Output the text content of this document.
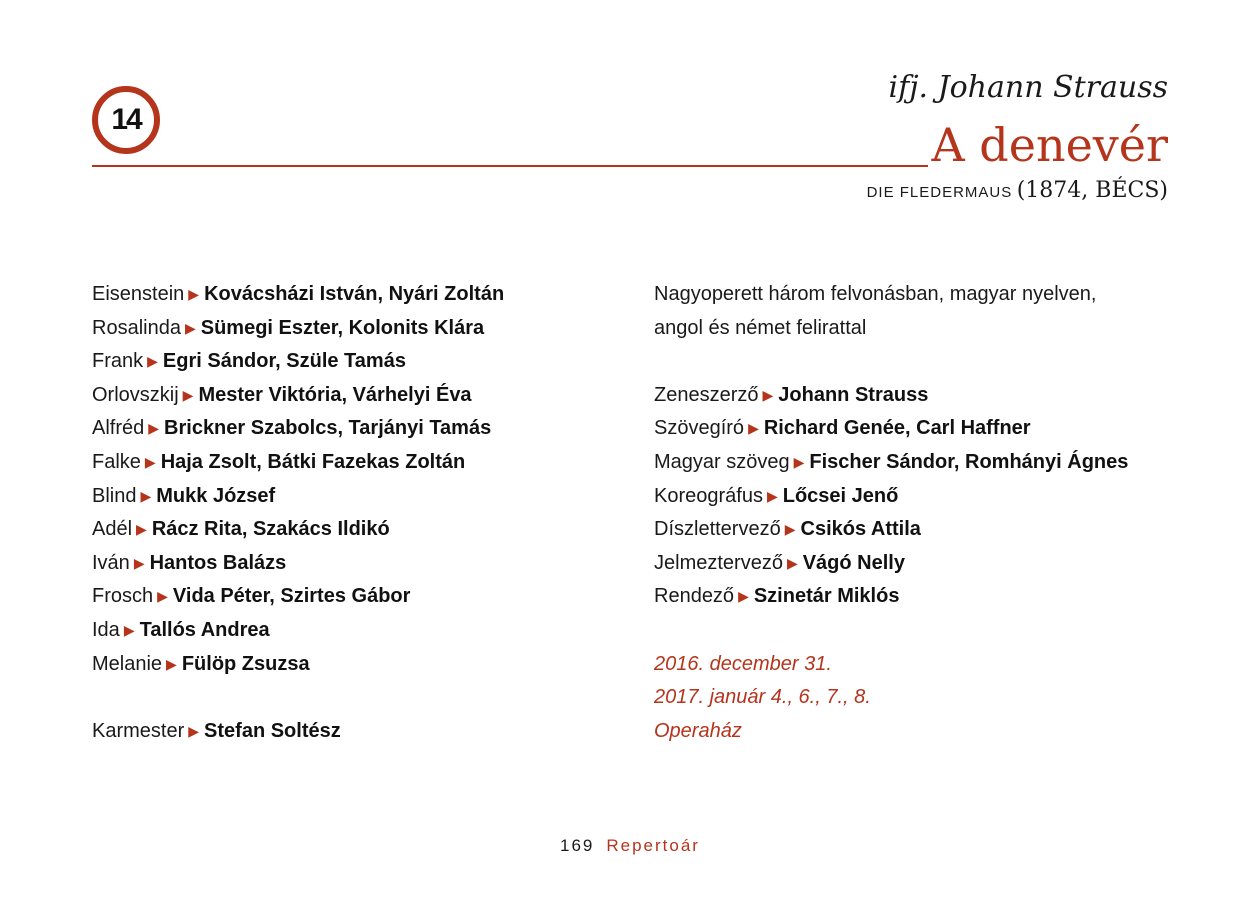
14
ifj. Johann Strauss
A denevér
DIE FLEDERMAUS (1874, BÉCS)
Eisenstein ▶ Kovácsházi István, Nyári Zoltán
Rosalinda ▶ Sümegi Eszter, Kolonits Klára
Frank ▶ Egri Sándor, Szüle Tamás
Orlovszkij ▶ Mester Viktória, Várhelyi Éva
Alfréd ▶ Brickner Szabolcs, Tarjányi Tamás
Falke ▶ Haja Zsolt, Bátki Fazekas Zoltán
Blind ▶ Mukk József
Adél ▶ Rácz Rita, Szakács Ildikó
Iván ▶ Hantos Balázs
Frosch ▶ Vida Péter, Szirtes Gábor
Ida ▶ Tallós Andrea
Melanie ▶ Fülöp Zsuzsa
Karmester ▶ Stefan Soltész
Nagyoperett három felvonásban, magyar nyelven,
angol és német felirattal
Zeneszerző ▶ Johann Strauss
Szövegíró ▶ Richard Genée, Carl Haffner
Magyar szöveg ▶ Fischer Sándor, Romhányi Ágnes
Koreográfus ▶ Lőcsei Jenő
Díszlettervező ▶ Csikós Attila
Jelmeztervező ▶ Vágó Nelly
Rendező ▶ Szinetár Miklós
2016. december 31.
2017. január 4., 6., 7., 8.
Operaház
169 Repertoár
